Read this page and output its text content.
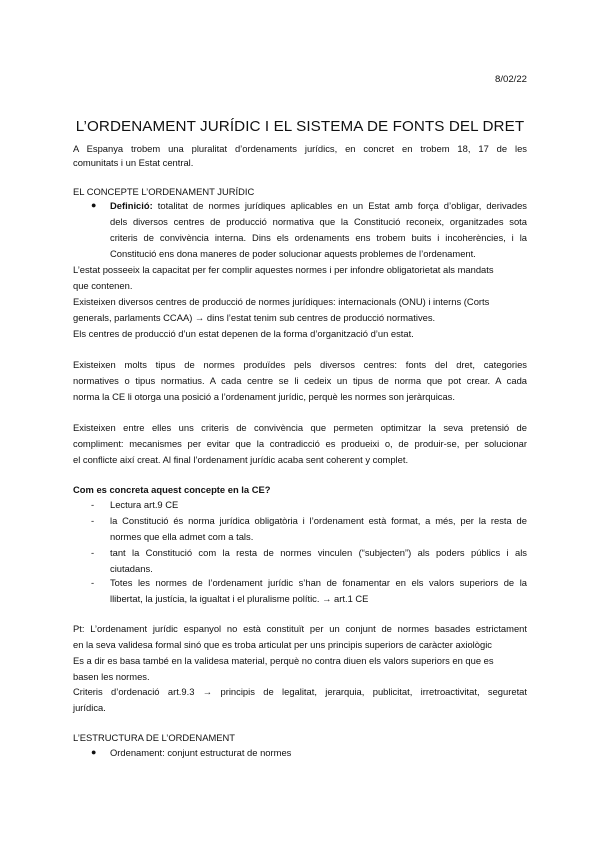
8/02/22
L’ORDENAMENT JURÍDIC I EL SISTEMA DE FONTS DEL DRET
A Espanya trobem una pluralitat d’ordenaments jurídics, en concret en trobem 18, 17 de les
comunitats i un Estat central.
EL CONCEPTE L’ORDENAMENT JURÍDIC
● Definició: totalitat de normes jurídiques aplicables en un Estat amb força d’obligar, derivades
dels diversos centres de producció normativa que la Constitució reconeix, organitzades sota
criteris de convivència interna. Dins els ordenaments ens trobem buits i incoherències, i la
Constitució ens dona maneres de poder solucionar aquests problemes de l’ordenament.
L’estat posseeix la capacitat per fer complir aquestes normes i per infondre obligatorietat als mandats
que contenen.
Existeixen diversos centres de producció de normes jurídiques: internacionals (ONU) i interns (Corts
generals, parlaments CCAA) → dins l’estat tenim sub centres de producció normatives.
Els centres de producció d’un estat depenen de la forma d’organització d’un estat.
Existeixen molts tipus de normes produïdes pels diversos centres: fonts del dret, categories
normatives o tipus normatius. A cada centre se li cedeix un tipus de norma que pot crear. A cada
norma la CE li otorga una posició a l’ordenament jurídic, perquè les normes son jeràrquicas.
Existeixen entre elles uns criteris de convivència que permeten optimitzar la seva pretensió de
compliment: mecanismes per evitar que la contradicció es produeixi o, de produir-se, per solucionar
el conflicte així creat. Al final l’ordenament jurídic acaba sent coherent y complet.
Com es concreta aquest concepte en la CE?
- Lectura art.9 CE
- la Constitució és norma jurídica obligatòria i l’ordenament està format, a més, per la resta de
normes que ella admet com a tals.
- tant la Constitució com la resta de normes vinculen (“subjecten”) als poders públics i als
ciutadans.
- Totes les normes de l’ordenament jurídic s’han de fonamentar en els valors superiors de la
llibertat, la justícia, la igualtat i el pluralisme polític. → art.1 CE
Pt: L’ordenament jurídic espanyol no està constituït per un conjunt de normes basades estrictament
en la seva validesa formal sinó que es troba articulat per uns principis superiors de caràcter axiològic
Es a dir es basa també en la validesa material, perquè no contra diuen els valors superiors en que es
basen les normes.
Criteris d’ordenació art.9.3 → principis de legalitat, jerarquia, publicitat, irretroactivitat, seguretat
jurídica.
L’ESTRUCTURA DE L’ORDENAMENT
● Ordenament: conjunt estructurat de normes
